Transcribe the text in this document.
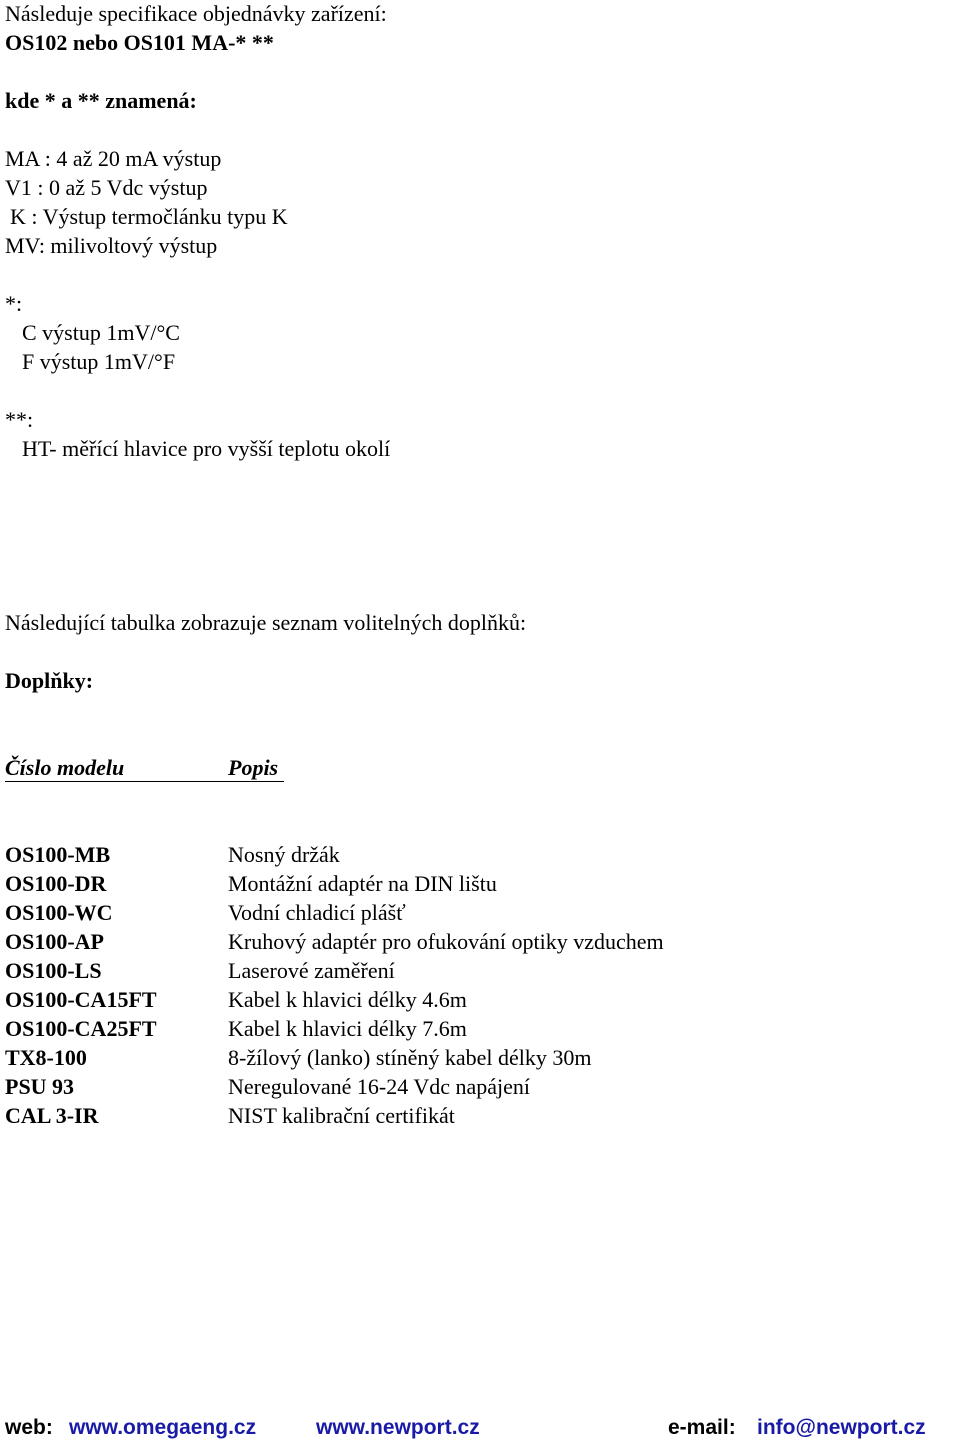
Následuje specifikace objednávky zařízení:
OS102 nebo OS101 MA-* **
kde * a ** znamená:
MA : 4 až 20 mA výstup
V1 : 0 až 5 Vdc výstup
K : Výstup termočlánku typu K
MV: milivoltový výstup
*:
C výstup 1mV/°C
F výstup 1mV/°F
**:
HT- měřící hlavice pro vyšší teplotu okolí
Následující tabulka zobrazuje seznam volitelných doplňků:
Doplňky:
Číslo modelu	Popis
OS100-MB	Nosný držák
OS100-DR	Montážní adaptér na DIN lištu
OS100-WC	Vodní chladicí plášť
OS100-AP	Kruhový adaptér pro ofukování optiky vzduchem
OS100-LS	Laserové zaměření
OS100-CA15FT	Kabel k hlavici délky 4.6m
OS100-CA25FT	Kabel k hlavici délky 7.6m
TX8-100	8-žílový (lanko) stíněný kabel délky 30m
PSU 93	Neregulované 16-24 Vdc napájení
CAL 3-IR	NIST kalibrační certifikát
web: www.omegaeng.cz	www.newport.cz	e-mail: info@newport.cz
